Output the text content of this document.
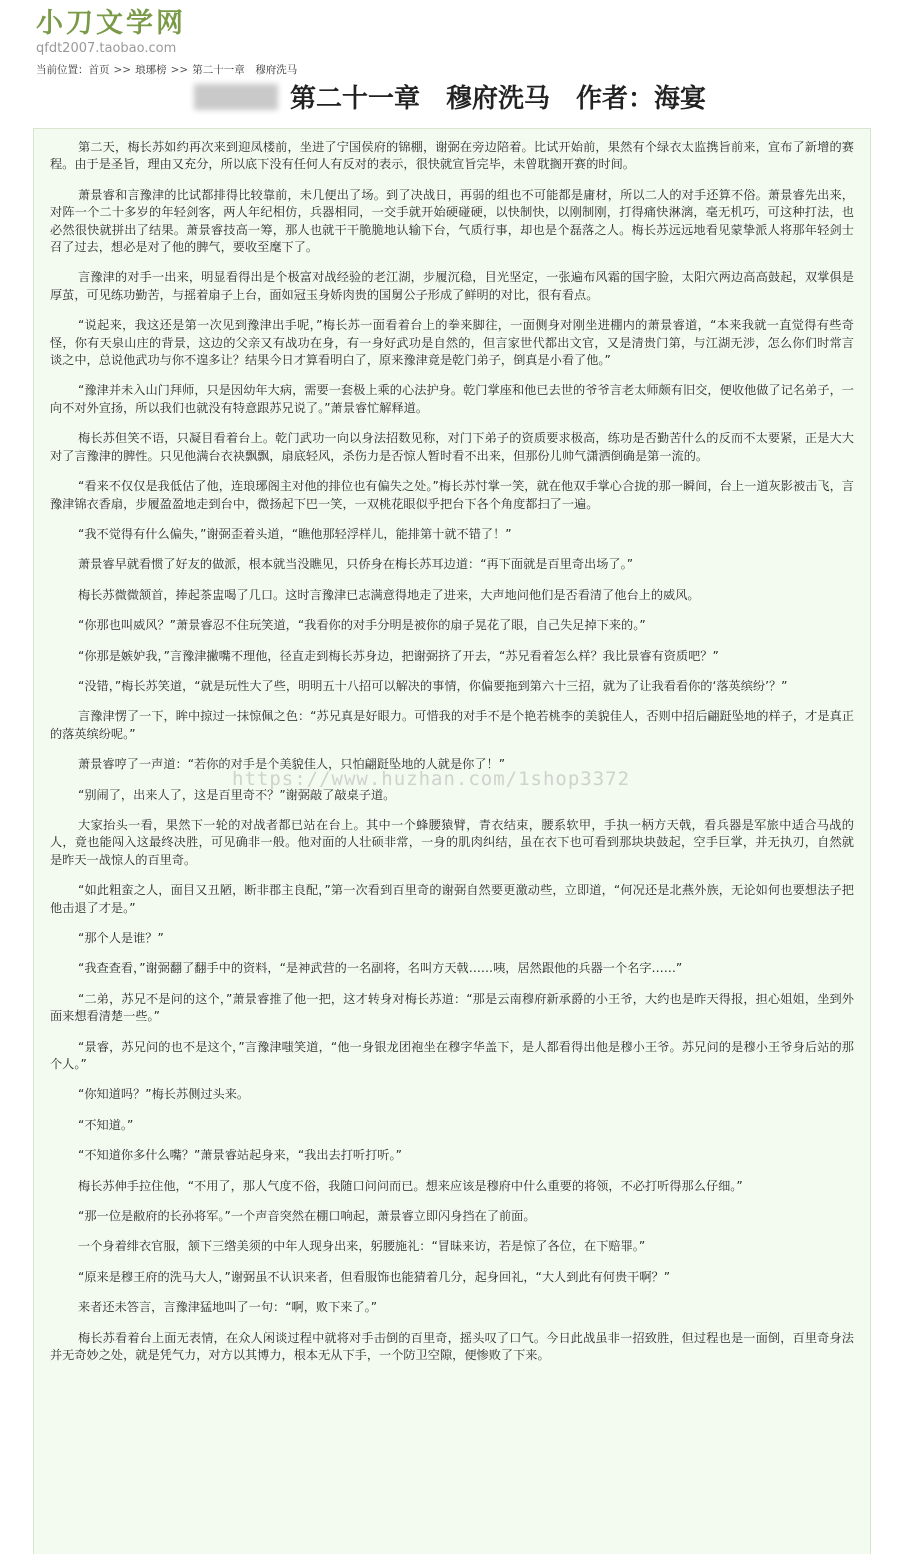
小刀文学网
qfdt2007.taobao.com
当前位置：首页 >> 琅琊榜 >> 第二十一章　穆府洗马
第二十一章　穆府洗马 作者：海宴

第二天，梅长苏如约再次来到迎凤楼前，坐进了宁国侯府的锦棚，谢弼在旁边陪着。比试开始前，果然有个绿衣太监携旨前来，宣布了新增的赛程。由于是圣旨，理由又充分，所以底下没有任何人有反对的表示，很快就宣旨完毕，未曾耽搁开赛的时间。

萧景睿和言豫津的比试都排得比较靠前，未几便出了场。到了决战日，再弱的组也不可能都是庸材，所以二人的对手还算不俗。萧景睿先出来，对阵一个二十多岁的年轻剑客，两人年纪相仿，兵器相同，一交手就开始硬碰硬，以快制快，以刚制刚，打得痛快淋漓，毫无机巧，可这种打法，也必然很快就拼出了结果。萧景睿技高一筹，那人也就干干脆脆地认输下台，气质行事，却也是个磊落之人。梅长苏远远地看见蒙挚派人将那年轻剑士召了过去，想必是对了他的脾气，要收至麾下了。

言豫津的对手一出来，明显看得出是个极富对战经验的老江湖，步履沉稳，目光坚定，一张遍布风霜的国字脸，太阳穴两边高高鼓起，双掌俱是厚茧，可见练功勤苦，与摇着扇子上台，面如冠玉身娇肉贵的国舅公子形成了鲜明的对比，很有看点。

“说起来，我这还是第一次见到豫津出手呢，”梅长苏一面看着台上的拳来脚往，一面侧身对刚坐进棚内的萧景睿道，“本来我就一直觉得有些奇怪，你有天泉山庄的背景，这边的父亲又有战功在身，有一身好武功是自然的，但言家世代都出文官，又是清贵门第，与江湖无涉，怎么你们时常言谈之中，总说他武功与你不遑多让？结果今日才算看明白了，原来豫津竟是乾门弟子，倒真是小看了他。”

“豫津并未入山门拜师，只是因幼年大病，需要一套极上乘的心法护身。乾门掌座和他已去世的爷爷言老太师颇有旧交，便收他做了记名弟子，一向不对外宣扬，所以我们也就没有特意跟苏兄说了。”萧景睿忙解释道。

梅长苏但笑不语，只凝目看着台上。乾门武功一向以身法招数见称，对门下弟子的资质要求极高，练功是否勤苦什么的反而不太要紧，正是大大对了言豫津的脾性。只见他满台衣袂飘飘，扇底轻风，杀伤力是否惊人暂时看不出来，但那份儿帅气潇洒倒确是第一流的。

“看来不仅仅是我低估了他，连琅琊阁主对他的排位也有偏失之处。”梅长苏忖掌一笑，就在他双手掌心合拢的那一瞬间，台上一道灰影被击飞，言豫津锦衣香扇，步履盈盈地走到台中，微扬起下巴一笑，一双桃花眼似乎把台下各个角度都扫了一遍。

“我不觉得有什么偏失，”谢弼歪着头道，“瞧他那轻浮样儿，能排第十就不错了！”

萧景睿早就看惯了好友的做派，根本就当没瞧见，只侨身在梅长苏耳边道：“再下面就是百里奇出场了。”

梅长苏微微颔首，捧起茶盅喝了几口。这时言豫津已志满意得地走了进来，大声地问他们是否看清了他台上的威风。

“你那也叫威风？”萧景睿忍不住玩笑道，“我看你的对手分明是被你的扇子晃花了眼，自己失足掉下来的。”

“你那是嫉妒我，”言豫津撇嘴不理他，径直走到梅长苏身边，把谢弼挤了开去，“苏兄看着怎么样？我比景睿有资质吧？”

“没错，”梅长苏笑道，“就是玩性大了些，明明五十八招可以解决的事情，你偏要拖到第六十三招，就为了让我看看你的‘落英缤纷’？”

言豫津愣了一下，眸中掠过一抹惊佩之色：“苏兄真是好眼力。可惜我的对手不是个艳若桃李的美貌佳人，否则中招后翩跹坠地的样子，才是真正的落英缤纷呢。”

萧景睿哼了一声道：“若你的对手是个美貌佳人，只怕翩跹坠地的人就是你了！”

“别闹了，出来人了，这是百里奇不？”谢弼敲了敲桌子道。

大家抬头一看，果然下一轮的对战者都已站在台上。其中一个蜂腰猿臂，青衣结束，腰系软甲，手执一柄方天戟，看兵器是军旅中适合马战的人，竟也能闯入这最终决胜，可见确非一般。他对面的人壮硕非常，一身的肌肉纠结，虽在衣下也可看到那块块鼓起，空手巨掌，并无执刃，自然就是昨天一战惊人的百里奇。

“如此粗蛮之人，面目又丑陋，断非郡主良配，”第一次看到百里奇的谢弼自然要更激动些，立即道，“何况还是北燕外族，无论如何也要想法子把他击退了才是。”

“那个人是谁？”

“我查查看，”谢弼翻了翻手中的资料，“是神武营的一名副将，名叫方天戟……咦，居然跟他的兵器一个名字……”

“二弟，苏兄不是问的这个，”萧景睿推了他一把，这才转身对梅长苏道：“那是云南穆府新承爵的小王爷，大约也是昨天得报，担心姐姐，坐到外面来想看清楚一些。”

“景睿，苏兄问的也不是这个，”言豫津嗤笑道，“他一身银龙团袍坐在穆字华盖下，是人都看得出他是穆小王爷。苏兄问的是穆小王爷身后站的那个人。”

“你知道吗？”梅长苏侧过头来。

“不知道。”

“不知道你多什么嘴？”萧景睿站起身来，“我出去打听打听。”

梅长苏伸手拉住他，“不用了，那人气度不俗，我随口问问而已。想来应该是穆府中什么重要的将领，不必打听得那么仔细。”

“那一位是敝府的长孙将军。”一个声音突然在棚口响起，萧景睿立即闪身挡在了前面。

一个身着绯衣官服，颔下三绺美须的中年人现身出来，躬腰施礼：“冒昧来访，若是惊了各位，在下赔罪。”

“原来是穆王府的洗马大人，”谢弼虽不认识来者，但看服饰也能猜着几分，起身回礼，“大人到此有何贵干啊？”

来者还未答言，言豫津猛地叫了一句：“啊，败下来了。”

梅长苏看着台上面无表情，在众人闲谈过程中就将对手击倒的百里奇，摇头叹了口气。今日此战虽非一招致胜，但过程也是一面倒，百里奇身法并无奇妙之处，就是凭气力，对方以其博力，根本无从下手，一个防卫空隙，便惨败了下来。

https://www.huzhan.com/1shop3372
